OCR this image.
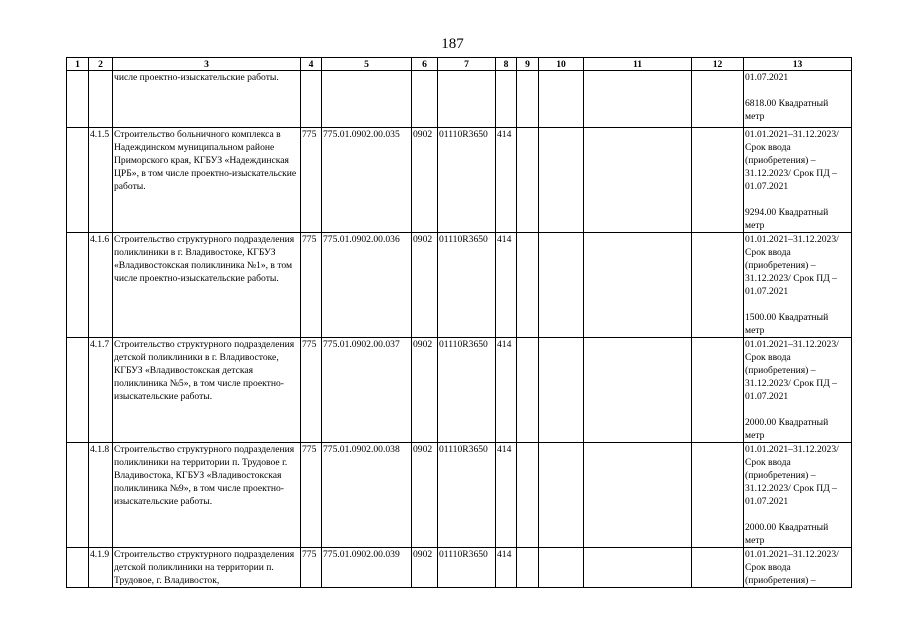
187
1	2	3	4	5	6	7	8	9	10	11	12	13
		числе проектно-изыскательские работы.										01.07.2021
6818.00 Квадратный метр

	4.1.5	Строительство больничного комплекса в Надеждинском муниципальном районе Приморского края, КГБУЗ «Надеждинская ЦРБ», в том числе проектно-изыскательские работы.	775	775.01.0902.00.035	0902	01110R3650	414					01.01.2021–31.12.2023/ Срок ввода (приобретения) – 31.12.2023/ Срок ПД – 01.07.2021
9294.00 Квадратный метр

	4.1.6	Строительство структурного подразделения поликлиники в г. Владивостоке, КГБУЗ «Владивостокская поликлиника №1», в том числе проектно-изыскательские работы.	775	775.01.0902.00.036	0902	01110R3650	414					01.01.2021–31.12.2023/ Срок ввода (приобретения) – 31.12.2023/ Срок ПД – 01.07.2021
1500.00 Квадратный метр

	4.1.7	Строительство структурного подразделения детской поликлиники в г. Владивостоке, КГБУЗ «Владивостокская детская поликлиника №5», в том числе проектно-изыскательские работы.	775	775.01.0902.00.037	0902	01110R3650	414					01.01.2021–31.12.2023/ Срок ввода (приобретения) – 31.12.2023/ Срок ПД – 01.07.2021
2000.00 Квадратный метр

	4.1.8	Строительство структурного подразделения поликлиники на территории п. Трудовое г. Владивостока, КГБУЗ «Владивостокская поликлиника №9», в том числе проектно-изыскательские работы.	775	775.01.0902.00.038	0902	01110R3650	414					01.01.2021–31.12.2023/ Срок ввода (приобретения) – 31.12.2023/ Срок ПД – 01.07.2021
2000.00 Квадратный метр

	4.1.9	Строительство структурного подразделения детской поликлиники на территории п. Трудовое, г. Владивосток,	775	775.01.0902.00.039	0902	01110R3650	414					01.01.2021–31.12.2023/ Срок ввода (приобретения) –
